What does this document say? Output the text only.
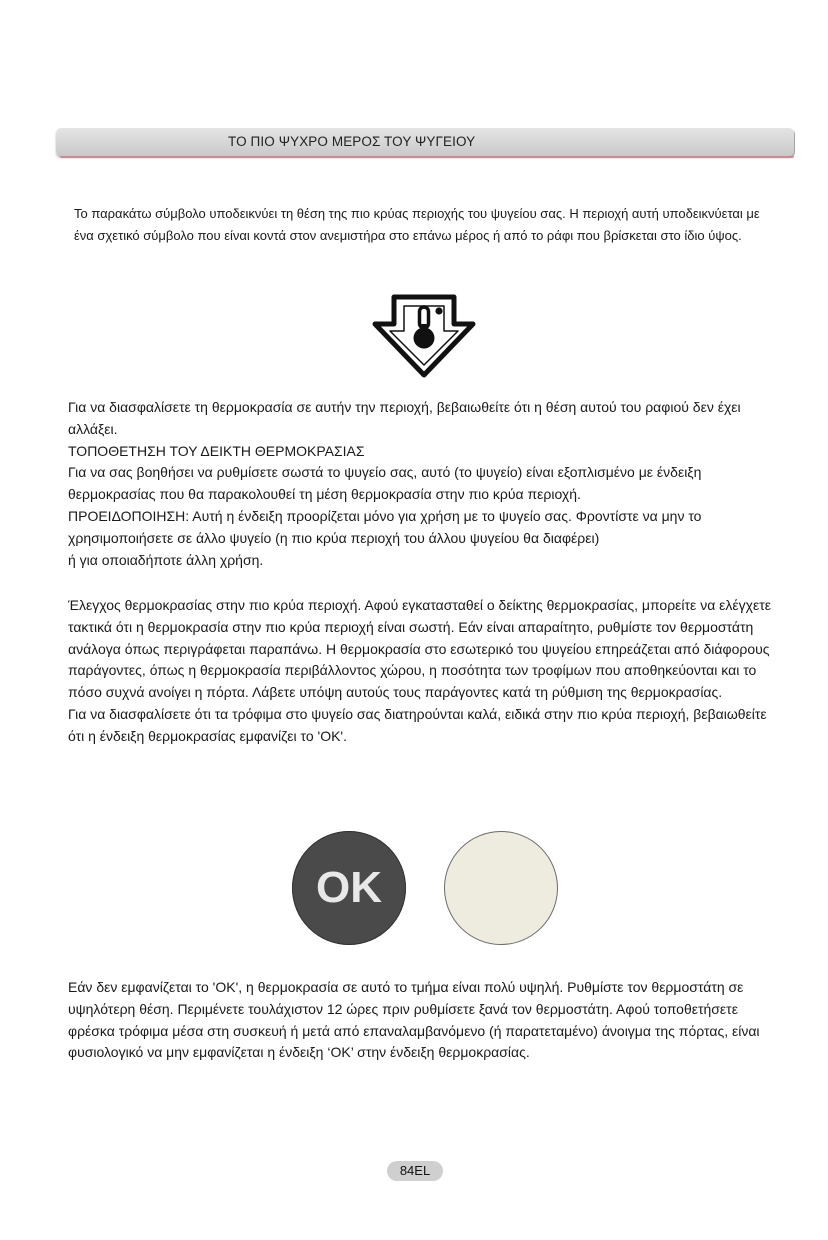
ΤΟ ΠΙΟ ΨΥΧΡΟ ΜΕΡΟΣ ΤΟΥ ΨΥΓΕΙΟΥ

Το παρακάτω σύμβολο υποδεικνύει τη θέση της πιο κρύας περιοχής του ψυγείου σας. Η περιοχή αυτή υποδεικνύεται με ένα σχετικό σύμβολο που είναι κοντά στον ανεμιστήρα στο επάνω μέρος ή από το ράφι που βρίσκεται στο ίδιο ύψος.

Για να διασφαλίσετε τη θερμοκρασία σε αυτήν την περιοχή, βεβαιωθείτε ότι η θέση αυτού του ραφιού δεν έχει αλλάξει.

ΤΟΠΟΘΕΤΗΣΗ ΤΟΥ ΔΕΙΚΤΗ ΘΕΡΜΟΚΡΑΣΙΑΣ

Για να σας βοηθήσει να ρυθμίσετε σωστά το ψυγείο σας, αυτό (το ψυγείο) είναι εξοπλισμένο με ένδειξη θερμοκρασίας που θα παρακολουθεί τη μέση θερμοκρασία στην πιο κρύα περιοχή.

ΠΡΟΕΙΔΟΠΟΙΗΣΗ: Αυτή η ένδειξη προορίζεται μόνο για χρήση με το ψυγείο σας. Φροντίστε να μην το χρησιμοποιήσετε σε άλλο ψυγείο (η πιο κρύα περιοχή του άλλου ψυγείου θα διαφέρει)

ή για οποιαδήποτε άλλη χρήση.

Έλεγχος θερμοκρασίας στην πιο κρύα περιοχή. Αφού εγκατασταθεί ο δείκτης θερμοκρασίας, μπορείτε να ελέγχετε τακτικά ότι η θερμοκρασία στην πιο κρύα περιοχή είναι σωστή. Εάν είναι απαραίτητο, ρυθμίστε τον θερμοστάτη ανάλογα όπως περιγράφεται παραπάνω. Η θερμοκρασία στο εσωτερικό του ψυγείου επηρεάζεται από διάφορους παράγοντες, όπως η θερμοκρασία περιβάλλοντος χώρου, η ποσότητα των τροφίμων που αποθηκεύονται και το πόσο συχνά ανοίγει η πόρτα. Λάβετε υπόψη αυτούς τους παράγοντες κατά τη ρύθμιση της θερμοκρασίας.

Για να διασφαλίσετε ότι τα τρόφιμα στο ψυγείο σας διατηρούνται καλά, ειδικά στην πιο κρύα περιοχή, βεβαιωθείτε ότι η ένδειξη θερμοκρασίας εμφανίζει το 'ΟΚ'.

OK

Εάν δεν εμφανίζεται το 'ΟΚ', η θερμοκρασία σε αυτό το τμήμα είναι πολύ υψηλή. Ρυθμίστε τον θερμοστάτη σε υψηλότερη θέση. Περιμένετε τουλάχιστον 12 ώρες πριν ρυθμίσετε ξανά τον θερμοστάτη. Αφού τοποθετήσετε φρέσκα τρόφιμα μέσα στη συσκευή ή μετά από επαναλαμβανόμενο (ή παρατεταμένο) άνοιγμα της πόρτας, είναι φυσιολογικό να μην εμφανίζεται η ένδειξη ‘ΟΚ’ στην ένδειξη θερμοκρασίας.

84EL
